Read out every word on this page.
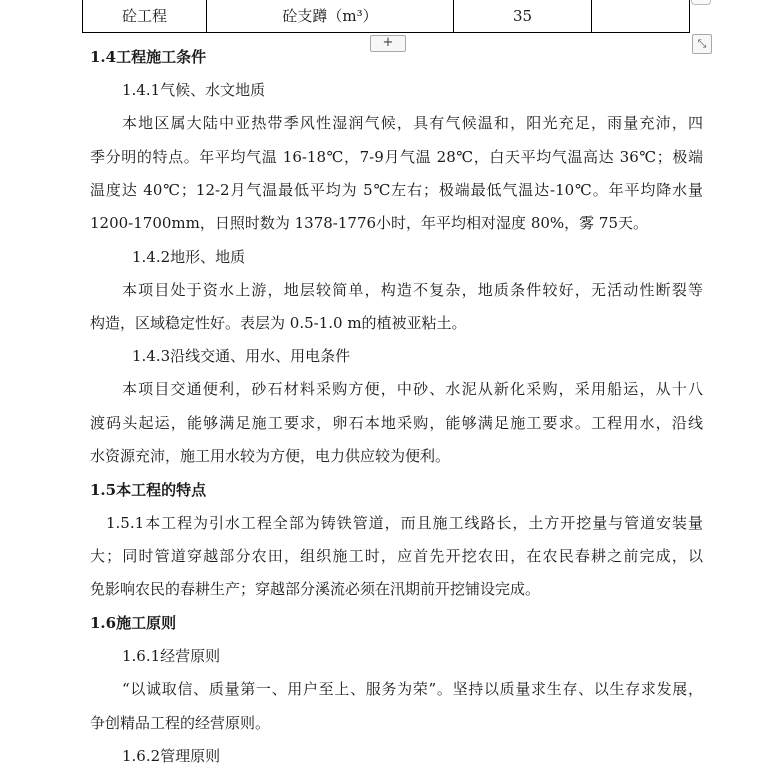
砼工程	砼支蹲（m³）	35	
+	⤡
1.4工程施工条件
1.4.1气候、水文地质
本地区属大陆中亚热带季风性湿润气候，具有气候温和，阳光充足，雨量充沛，四
季分明的特点。年平均气温 16-18℃，7-9月气温 28℃，白天平均气温高达 36℃；极端
温度达 40℃；12-2月气温最低平均为 5℃左右；极端最低气温达-10℃。年平均降水量
1200-1700mm，日照时数为 1378-1776小时，年平均相对湿度 80%，雾 75天。
1.4.2地形、地质
本项目处于资水上游，地层较简单，构造不复杂，地质条件较好，无活动性断裂等
构造，区域稳定性好。表层为 0.5-1.0 m的植被亚粘土。
1.4.3沿线交通、用水、用电条件
本项目交通便利，砂石材料采购方便，中砂、水泥从新化采购，采用船运，从十八
渡码头起运，能够满足施工要求，卵石本地采购，能够满足施工要求。工程用水，沿线
水资源充沛，施工用水较为方便，电力供应较为便利。
1.5本工程的特点
1.5.1本工程为引水工程全部为铸铁管道，而且施工线路长，土方开挖量与管道安装量
大；同时管道穿越部分农田，组织施工时，应首先开挖农田，在农民春耕之前完成，以
免影响农民的春耕生产；穿越部分溪流必须在汛期前开挖铺设完成。
1.6施工原则
1.6.1经营原则
“以诚取信、质量第一、用户至上、服务为荣”。坚持以质量求生存、以生存求发展，
争创精品工程的经营原则。
1.6.2管理原则
